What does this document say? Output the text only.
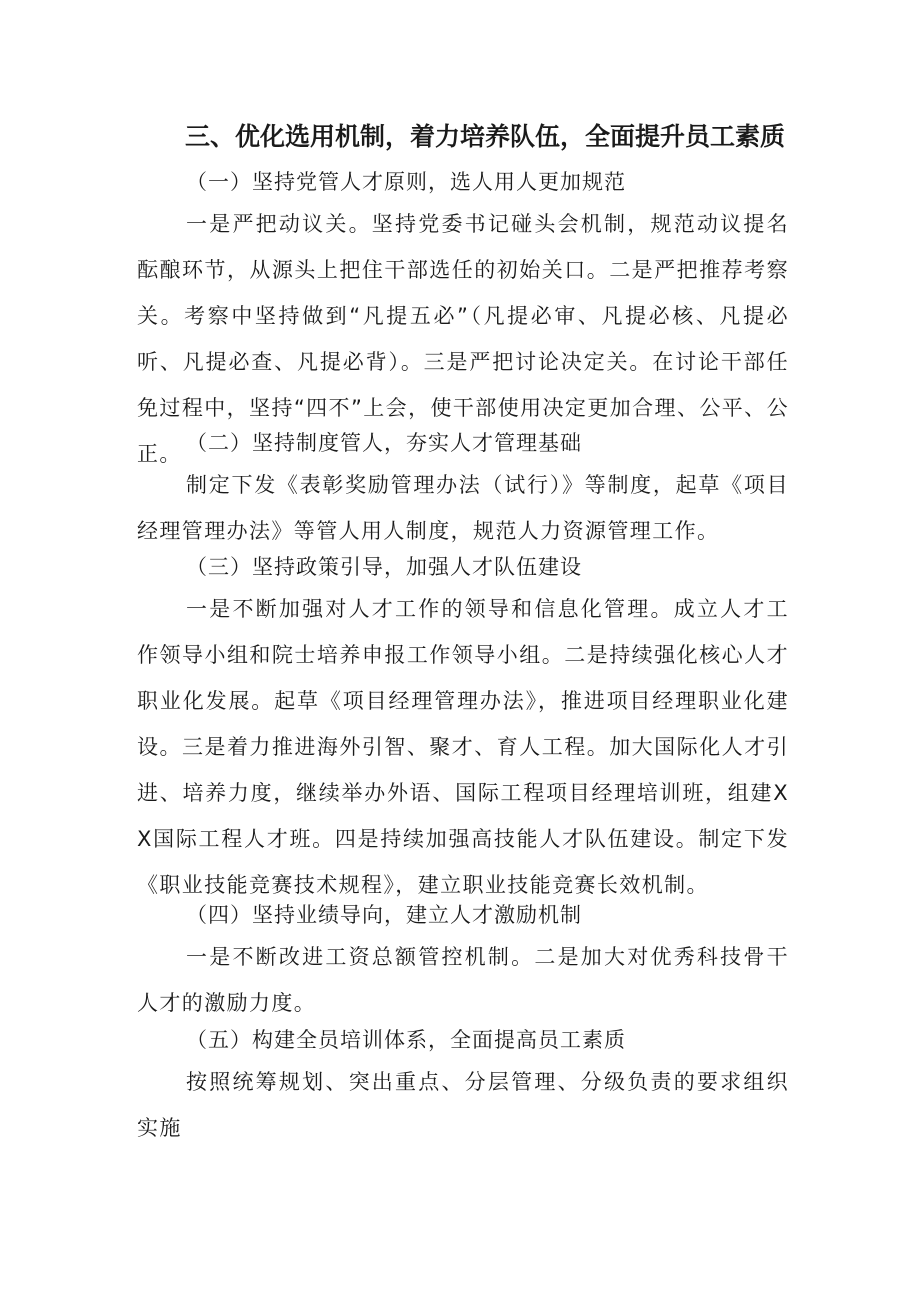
三、优化选用机制，着力培养队伍，全面提升员工素质
（一）坚持党管人才原则，选人用人更加规范
一是严把动议关。坚持党委书记碰头会机制，规范动议提名酝酿环节，从源头上把住干部选任的初始关口。二是严把推荐考察关。考察中坚持做到“凡提五必”（凡提必审、凡提必核、凡提必听、凡提必查、凡提必背）。三是严把讨论决定关。在讨论干部任免过程中，坚持“四不”上会，使干部使用决定更加合理、公平、公正。 （二）坚持制度管人，夯实人才管理基础
制定下发《表彰奖励管理办法（试行）》等制度，起草《项目经理管理办法》等管人用人制度，规范人力资源管理工作。
（三）坚持政策引导，加强人才队伍建设
一是不断加强对人才工作的领导和信息化管理。成立人才工作领导小组和院士培养申报工作领导小组。二是持续强化核心人才职业化发展。起草《项目经理管理办法》，推进项目经理职业化建设。三是着力推进海外引智、聚才、育人工程。加大国际化人才引进、培养力度，继续举办外语、国际工程项目经理培训班，组建XX国际工程人才班。四是持续加强高技能人才队伍建设。制定下发《职业技能竞赛技术规程》，建立职业技能竞赛长效机制。
（四）坚持业绩导向，建立人才激励机制
一是不断改进工资总额管控机制。二是加大对优秀科技骨干人才的激励力度。
（五）构建全员培训体系，全面提高员工素质
按照统筹规划、突出重点、分层管理、分级负责的要求组织实施
